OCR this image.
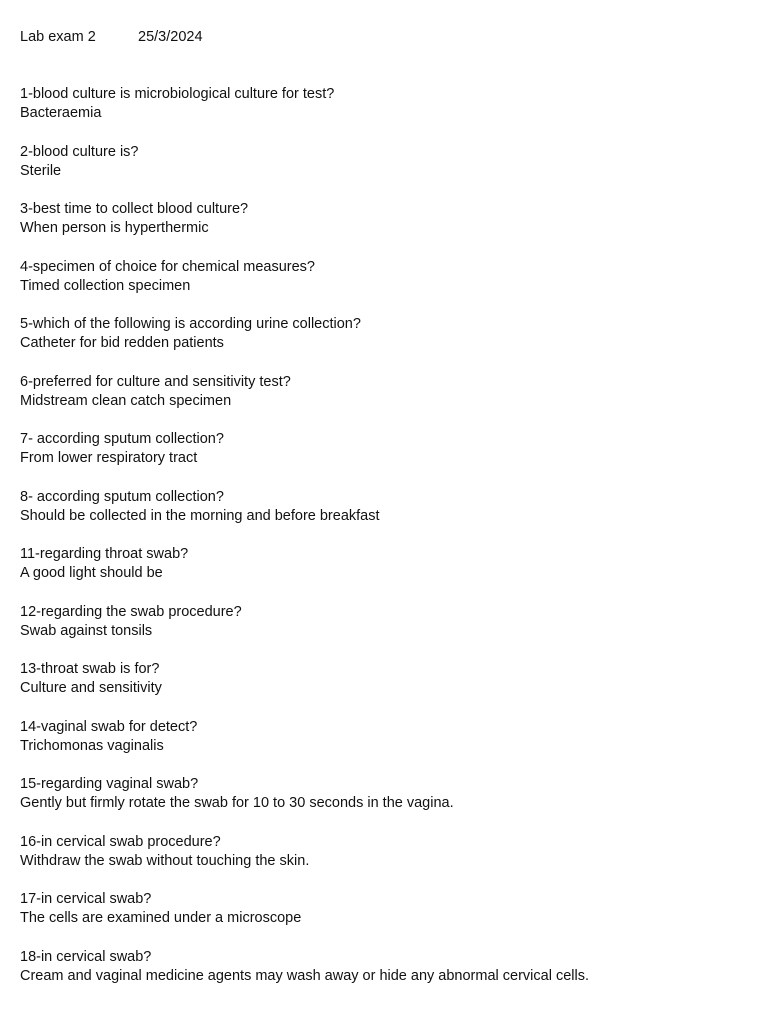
Lab exam 2	25/3/2024
1-blood culture is microbiological culture for test?
Bacteraemia
2-blood culture is?
Sterile
3-best time to collect blood culture?
When person is hyperthermic
4-specimen of choice for chemical measures?
Timed collection specimen
5-which of the following is according urine collection?
Catheter for bid redden patients
6-preferred for culture and sensitivity test?
Midstream clean catch specimen
7- according sputum collection?
From lower respiratory tract
8- according sputum collection?
Should be collected in the morning and before breakfast
11-regarding throat swab?
A good light should be
12-regarding the swab procedure?
Swab against tonsils
13-throat swab is for?
Culture and sensitivity
14-vaginal swab for detect?
Trichomonas vaginalis
15-regarding vaginal swab?
Gently but firmly rotate the swab for 10 to 30 seconds in the vagina.
16-in cervical swab procedure?
Withdraw the swab without touching the skin.
17-in cervical swab?
The cells are examined under a microscope
18-in cervical swab?
Cream and vaginal medicine agents may wash away or hide any abnormal cervical cells.
